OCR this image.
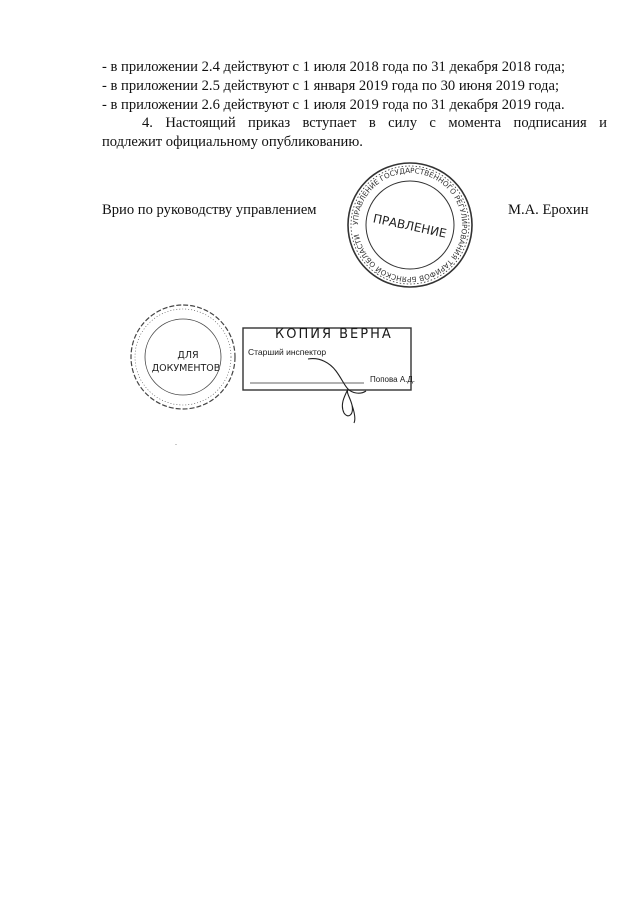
- в приложении 2.4 действуют с 1 июля 2018 года по 31 декабря 2018 года;
- в приложении 2.5 действуют с 1 января 2019 года по 30 июня 2019 года;
- в приложении 2.6 действуют с 1 июля 2019 года по 31 декабря 2019 года.
4. Настоящий приказ вступает в силу с момента подписания и
подлежит официальному опубликованию.
Врио по руководству управлением	М.А. Ерохин
УПРАВЛЕНИЕ ГОСУДАРСТВЕННОГО РЕГУЛИРОВАНИЯ ТАРИФОВ БРЯНСКОЙ ОБЛАСТИ ПРАВЛЕНИЕ
ДЛЯ
ДОКУМЕНТОВ
КОПИЯ ВЕРНА
Старший инспектор
Попова А.Д.
.
